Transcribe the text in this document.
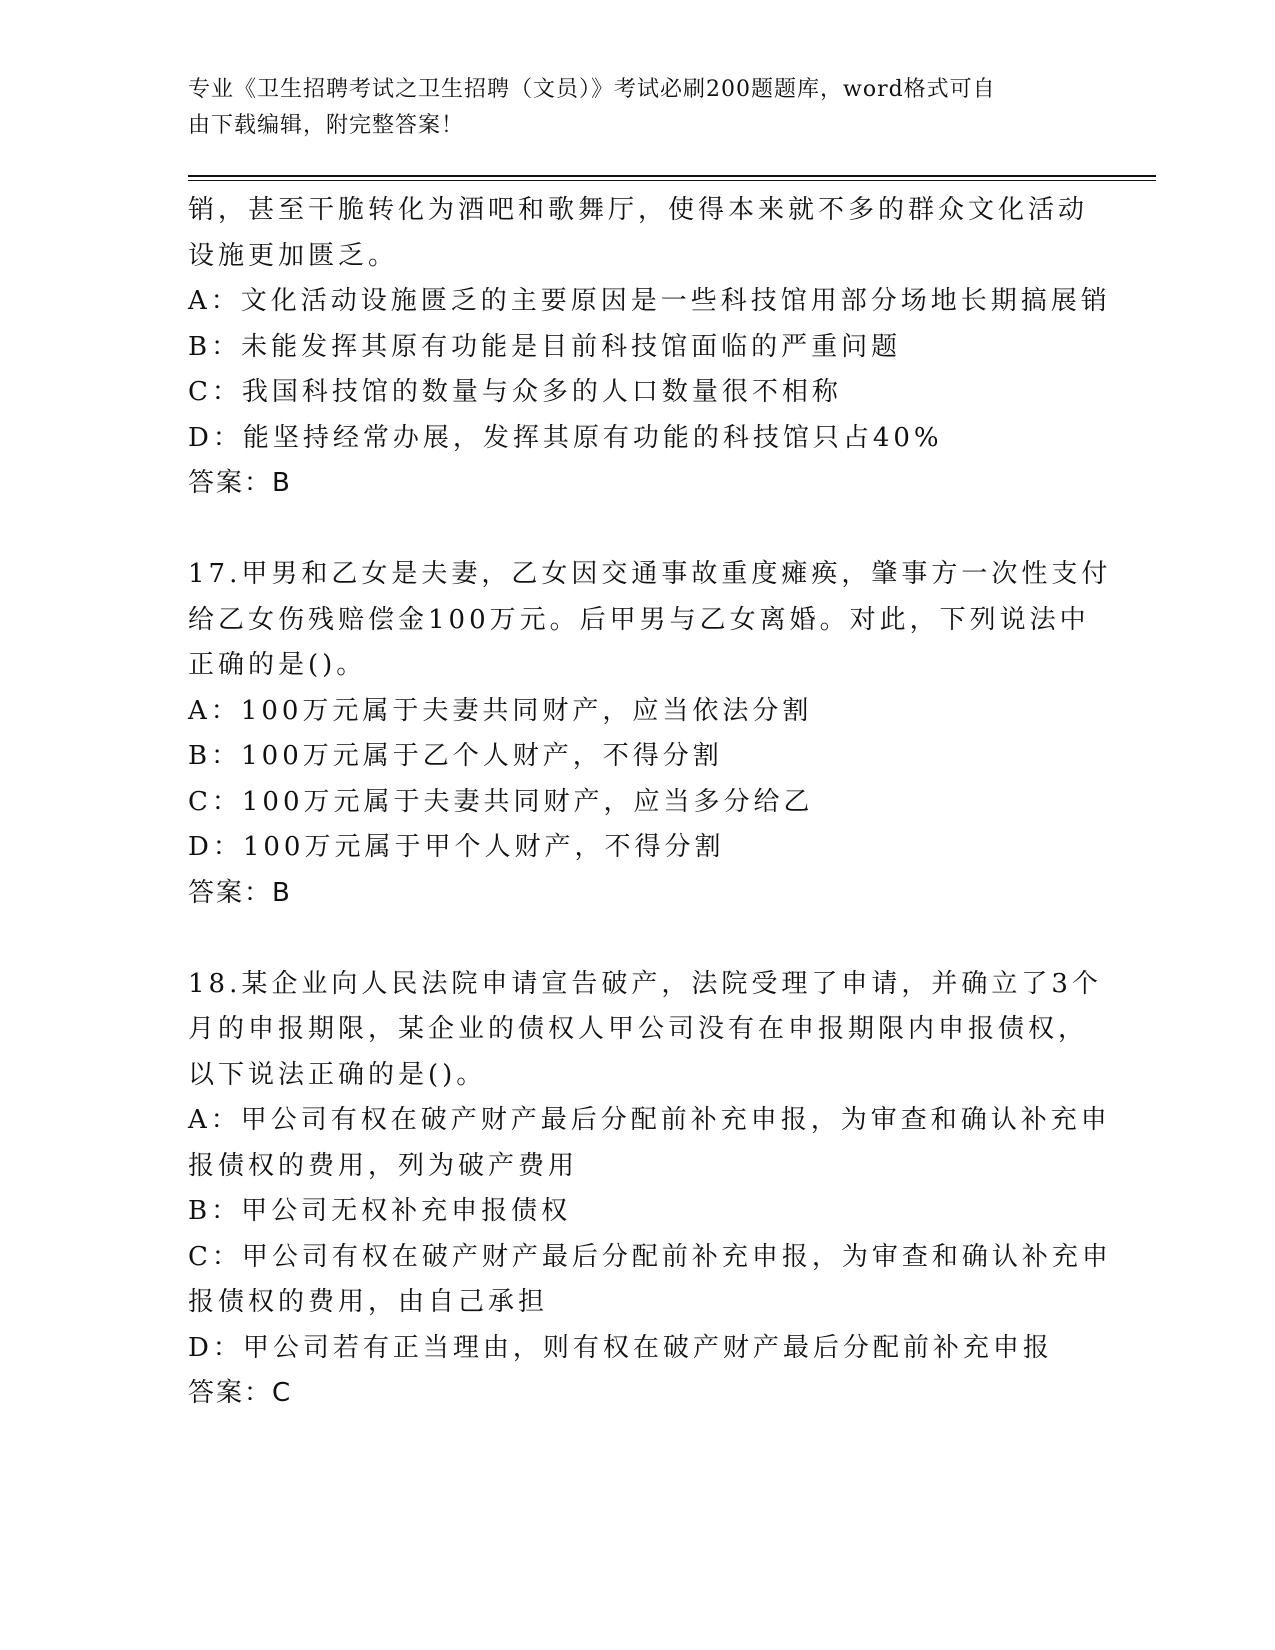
专业《卫生招聘考试之卫生招聘（文员）》考试必刷200题题库，word格式可自
由下载编辑，附完整答案！
销，甚至干脆转化为酒吧和歌舞厅，使得本来就不多的群众文化活动
设施更加匮乏。
A：文化活动设施匮乏的主要原因是一些科技馆用部分场地长期搞展销
B：未能发挥其原有功能是目前科技馆面临的严重问题
C：我国科技馆的数量与众多的人口数量很不相称
D：能坚持经常办展，发挥其原有功能的科技馆只占40%
答案：B
17.甲男和乙女是夫妻，乙女因交通事故重度瘫痪，肇事方一次性支付
给乙女伤残赔偿金100万元。后甲男与乙女离婚。对此，下列说法中
正确的是()。
A：100万元属于夫妻共同财产，应当依法分割
B：100万元属于乙个人财产，不得分割
C：100万元属于夫妻共同财产，应当多分给乙
D：100万元属于甲个人财产，不得分割
答案：B
18.某企业向人民法院申请宣告破产，法院受理了申请，并确立了3个
月的申报期限，某企业的债权人甲公司没有在申报期限内申报债权，
以下说法正确的是()。
A：甲公司有权在破产财产最后分配前补充申报，为审查和确认补充申
报债权的费用，列为破产费用
B：甲公司无权补充申报债权
C：甲公司有权在破产财产最后分配前补充申报，为审查和确认补充申
报债权的费用，由自己承担
D：甲公司若有正当理由，则有权在破产财产最后分配前补充申报
答案：C
